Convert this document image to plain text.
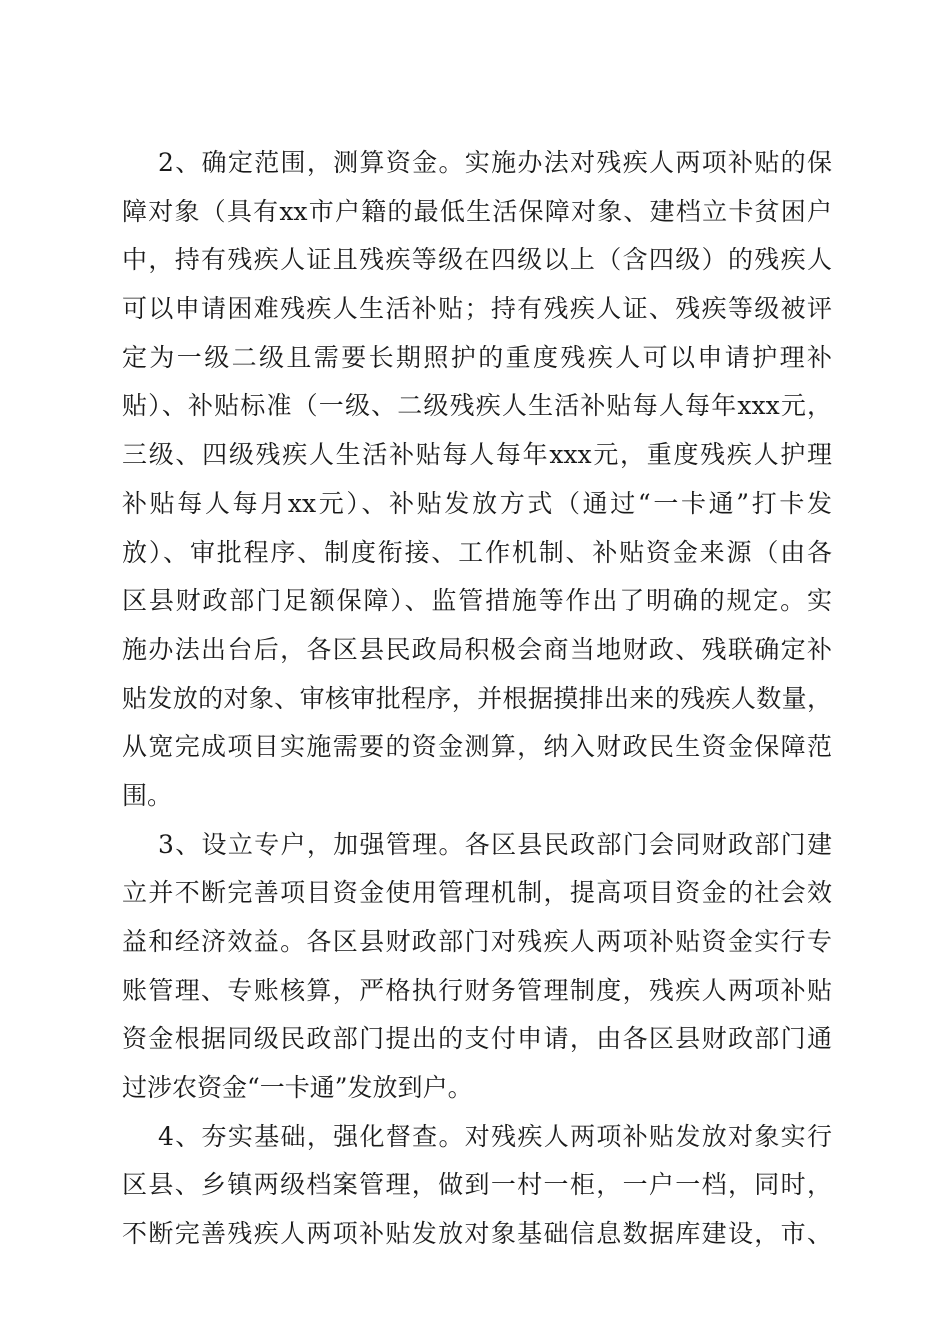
2、确定范围，测算资金。实施办法对残疾人两项补贴的保
障对象（具有xx市户籍的最低生活保障对象、建档立卡贫困户
中，持有残疾人证且残疾等级在四级以上（含四级）的残疾人
可以申请困难残疾人生活补贴；持有残疾人证、残疾等级被评
定为一级二级且需要长期照护的重度残疾人可以申请护理补
贴）、补贴标准（一级、二级残疾人生活补贴每人每年xxx元，
三级、四级残疾人生活补贴每人每年xxx元，重度残疾人护理
补贴每人每月xx元）、补贴发放方式（通过“一卡通”打卡发
放）、审批程序、制度衔接、工作机制、补贴资金来源（由各
区县财政部门足额保障）、监管措施等作出了明确的规定。实
施办法出台后，各区县民政局积极会商当地财政、残联确定补
贴发放的对象、审核审批程序，并根据摸排出来的残疾人数量，
从宽完成项目实施需要的资金测算，纳入财政民生资金保障范
围。
3、设立专户，加强管理。各区县民政部门会同财政部门建
立并不断完善项目资金使用管理机制，提高项目资金的社会效
益和经济效益。各区县财政部门对残疾人两项补贴资金实行专
账管理、专账核算，严格执行财务管理制度，残疾人两项补贴
资金根据同级民政部门提出的支付申请，由各区县财政部门通
过涉农资金“一卡通”发放到户。
4、夯实基础，强化督查。对残疾人两项补贴发放对象实行
区县、乡镇两级档案管理，做到一村一柜，一户一档，同时，
不断完善残疾人两项补贴发放对象基础信息数据库建设，市、
